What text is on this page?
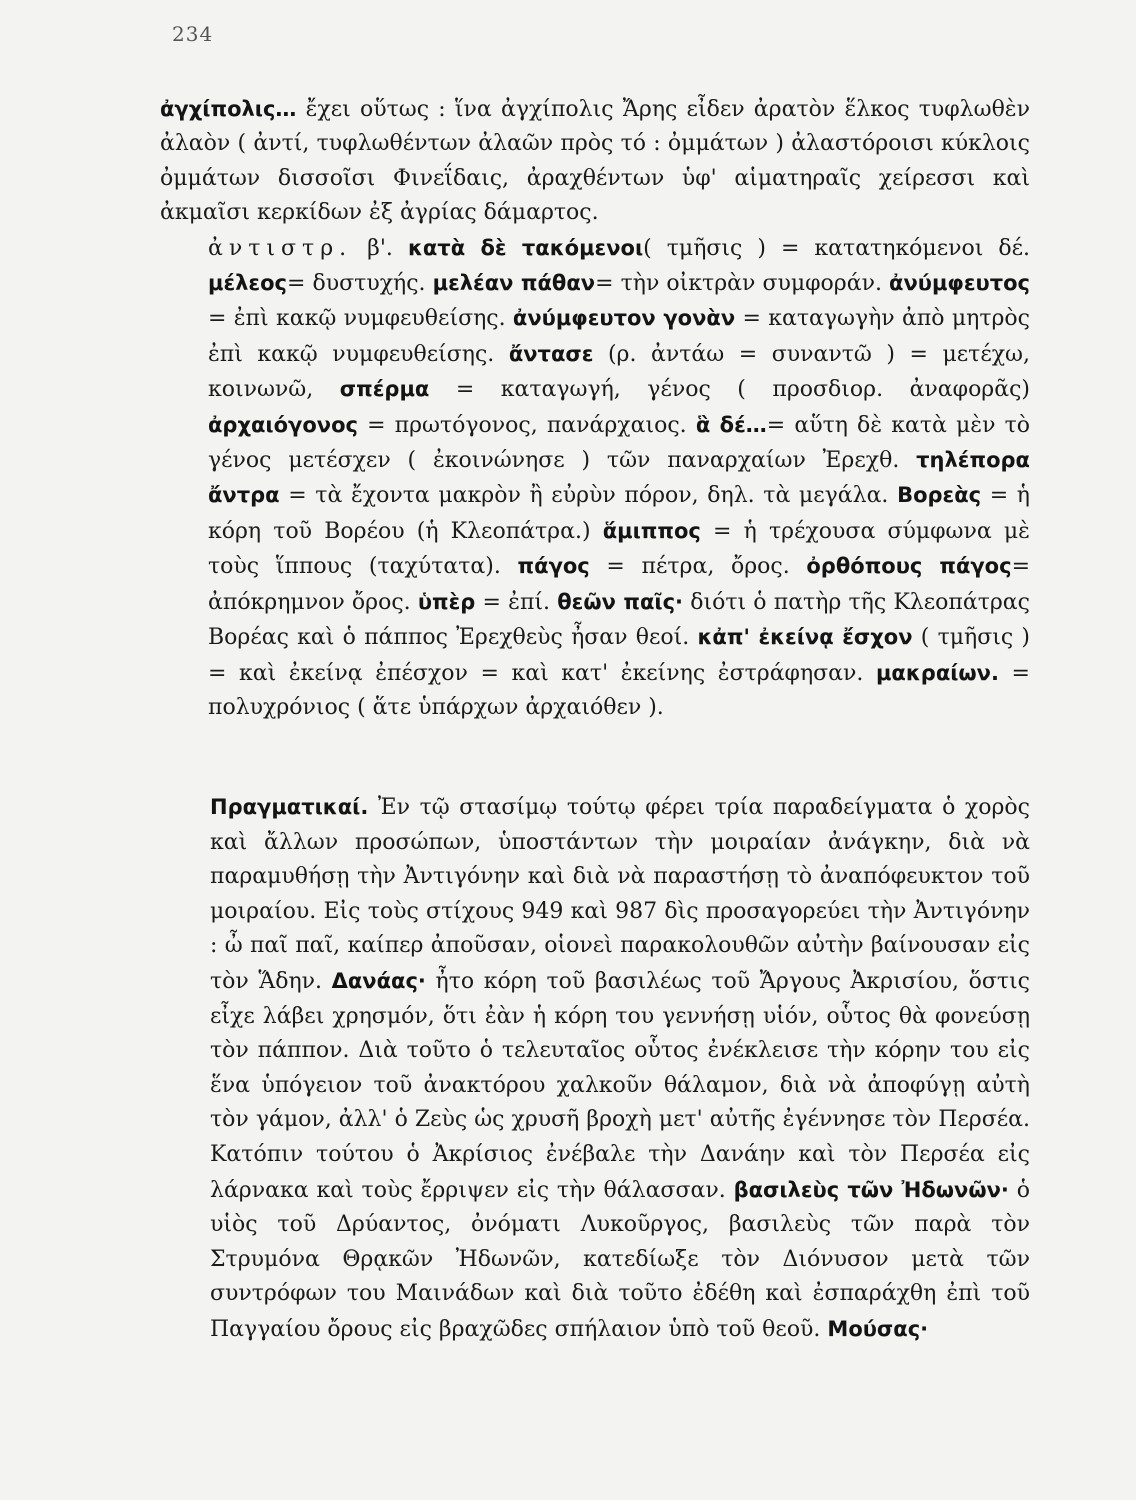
234

ἀγχίπολις… ἔχει οὕτως : ἵνα ἀγχίπολις Ἄρης εἶδεν ἀρατὸν ἕλκος τυφλωθὲν ἀλαὸν ( ἀντί, τυφλωθέντων ἀλαῶν πρὸς τό : ὀμμάτων ) ἀλαστόροισι κύκλοις ὀμμάτων δισσοῖσι Φινεΐδαις, ἀραχθέντων ὑφ' αἱματηραῖς χείρεσσι καὶ ἀκμαῖσι κερκίδων ἐξ ἀγρίας δάμαρτος.

ἀντιστρ. β'. κατὰ δὲ τακόμενοι( τμῆσις ) = κατατηκόμενοι δέ. μέλεος= δυστυχής. μελέαν πάθαν= τὴν οἰκτρὰν συμφοράν. ἀνύμφευτος = ἐπὶ κακῷ νυμφευθείσης. ἀνύμφευτον γονὰν = καταγωγὴν ἀπὸ μητρὸς ἐπὶ κακῷ νυμφευθείσης. ἄντασε (ρ. ἀντάω = συναντῶ ) = μετέχω, κοινωνῶ, σπέρμα = καταγωγή, γένος ( προσδιορ. ἀναφορᾶς) ἀρχαιόγονος = πρωτόγονος, πανάρχαιος. ἃ δέ…= αὕτη δὲ κατὰ μὲν τὸ γένος μετέσχεν ( ἐκοινώνησε ) τῶν παναρχαίων Ἐρεχθ. τηλέπορα ἄντρα = τὰ ἔχοντα μακρὸν ἢ εὐρὺν πόρον, δηλ. τὰ μεγάλα. Βορεὰς = ἡ κόρη τοῦ Βορέου (ἡ Κλεοπάτρα.) ἅμιππος = ἡ τρέχουσα σύμφωνα μὲ τοὺς ἵππους (ταχύτατα). πάγος = πέτρα, ὄρος. ὀρθόπους πάγος= ἀπόκρημνον ὄρος. ὑπὲρ = ἐπί. θεῶν παῖς· διότι ὁ πατὴρ τῆς Κλεοπάτρας Βορέας καὶ ὁ πάππος Ἐρεχθεὺς ἦσαν θεοί. κἀπ' ἐκείνᾳ ἔσχον ( τμῆσις ) = καὶ ἐκείνᾳ ἐπέσχον = καὶ κατ' ἐκείνης ἐστράφησαν. μακραίων. = πολυχρόνιος ( ἅτε ὑπάρχων ἀρχαιόθεν ).

Πραγματικαί. Ἐν τῷ στασίμῳ τούτῳ φέρει τρία παραδείγματα ὁ χορὸς καὶ ἄλλων προσώπων, ὑποστάντων τὴν μοιραίαν ἀνάγκην, διὰ νὰ παραμυθήσῃ τὴν Ἀντιγόνην καὶ διὰ νὰ παραστήσῃ τὸ ἀναπόφευκτον τοῦ μοιραίου. Εἰς τοὺς στίχους 949 καὶ 987 δὶς προσαγορεύει τὴν Ἀντιγόνην : ὦ παῖ παῖ, καίπερ ἀποῦσαν, οἱονεὶ παρακολουθῶν αὐτὴν βαίνουσαν εἰς τὸν Ἅδην. Δανάας· ἦτο κόρη τοῦ βασιλέως τοῦ Ἄργους Ἀκρισίου, ὅστις εἶχε λάβει χρησμόν, ὅτι ἐὰν ἡ κόρη του γεννήσῃ υἱόν, οὗτος θὰ φονεύσῃ τὸν πάππον. Διὰ τοῦτο ὁ τελευταῖος οὗτος ἐνέκλεισε τὴν κόρην του εἰς ἕνα ὑπόγειον τοῦ ἀνακτόρου χαλκοῦν θάλαμον, διὰ νὰ ἀποφύγῃ αὐτὴ τὸν γάμον, ἀλλ' ὁ Ζεὺς ὡς χρυσῆ βροχὴ μετ' αὐτῆς ἐγέννησε τὸν Περσέα. Κατόπιν τούτου ὁ Ἀκρίσιος ἐνέβαλε τὴν Δανάην καὶ τὸν Περσέα εἰς λάρνακα καὶ τοὺς ἔρριψεν εἰς τὴν θάλασσαν. βασιλεὺς τῶν Ἠδωνῶν· ὁ υἱὸς τοῦ Δρύαντος, ὀνόματι Λυκοῦργος, βασιλεὺς τῶν παρὰ τὸν Στρυμόνα Θρᾳκῶν Ἠδωνῶν, κατεδίωξε τὸν Διόνυσον μετὰ τῶν συντρόφων του Μαινάδων καὶ διὰ τοῦτο ἐδέθη καὶ ἐσπαράχθη ἐπὶ τοῦ Παγγαίου ὄρους εἰς βραχῶδες σπήλαιον ὑπὸ τοῦ θεοῦ. Μούσας·
